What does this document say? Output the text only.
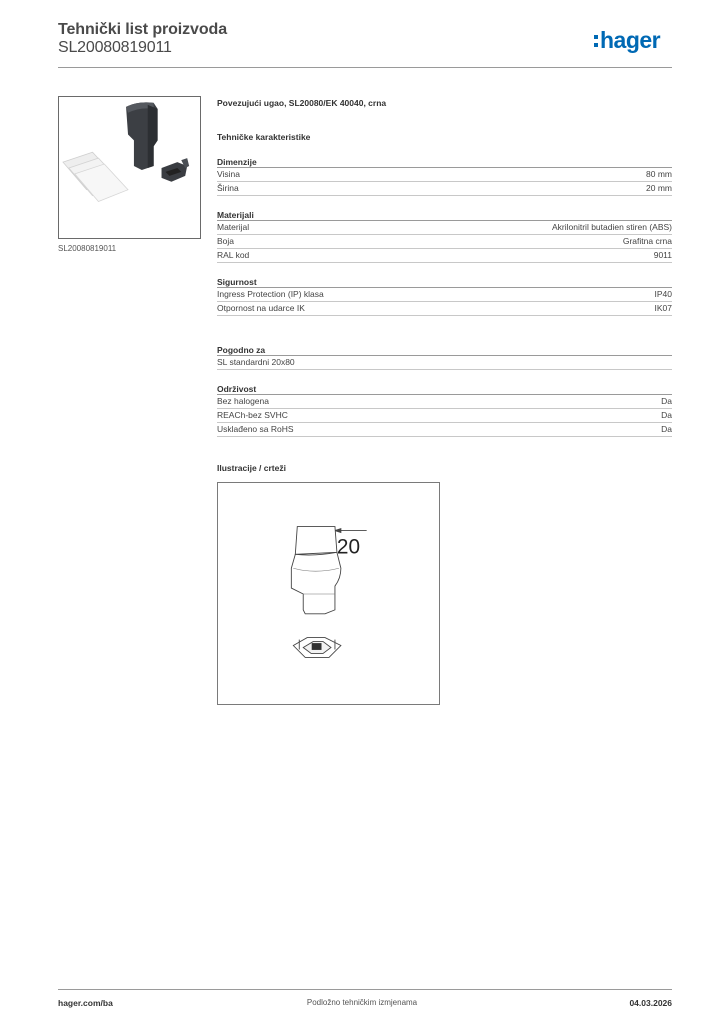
Tehnički list proizvoda
SL20080819011	hager
SL20080819011
Povezujući ugao, SL20080/EK 40040, crna
Tehničke karakteristike
Dimenzije
Visina	80 mm
Širina	20 mm
Materijali
Materijal	Akrilonitril butadien stiren (ABS)
Boja	Grafitna crna
RAL kod	9011
Sigurnost
Ingress Protection (IP) klasa	IP40
Otpornost na udarce IK	IK07
Pogodno za
SL standardni 20x80
Održivost
Bez halogena	Da
REACh-bez SVHC	Da
Usklađeno sa RoHS	Da
Ilustracije / crteži
20
hager.com/ba	Podložno tehničkim izmjenama	04.03.2026
